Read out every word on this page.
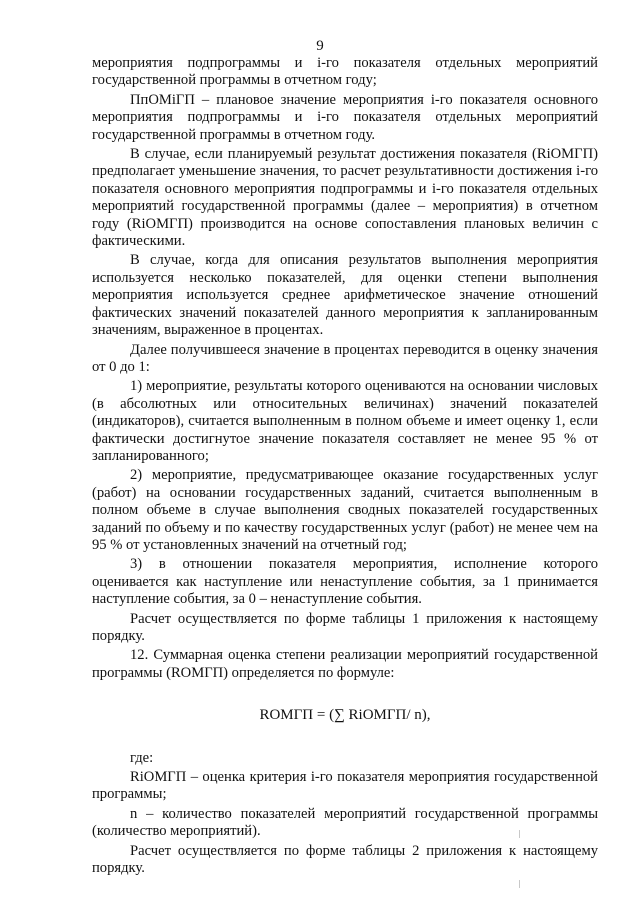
9

мероприятия подпрограммы и i-го показателя отдельных мероприятий государственной программы в отчетном году;

ПпОМiГП – плановое значение мероприятия i-го показателя основного мероприятия подпрограммы и i-го показателя отдельных мероприятий государственной программы в отчетном году.

В случае, если планируемый результат достижения показателя (RiОМГП) предполагает уменьшение значения, то расчет результативности достижения i-го показателя основного мероприятия подпрограммы и i-го показателя отдельных мероприятий государственной программы (далее – мероприятия) в отчетном году (RiОМГП) производится на основе сопоставления плановых величин с фактическими.

В случае, когда для описания результатов выполнения мероприятия используется несколько показателей, для оценки степени выполнения мероприятия используется среднее арифметическое значение отношений фактических значений показателей данного мероприятия к запланированным значениям, выраженное в процентах.

Далее получившееся значение в процентах переводится в оценку значения от 0 до 1:

1) мероприятие, результаты которого оцениваются на основании числовых (в абсолютных или относительных величинах) значений показателей (индикаторов), считается выполненным в полном объеме и имеет оценку 1, если фактически достигнутое значение показателя составляет не менее 95 % от запланированного;

2) мероприятие, предусматривающее оказание государственных услуг (работ) на основании государственных заданий, считается выполненным в полном объеме в случае выполнения сводных показателей государственных заданий по объему и по качеству государственных услуг (работ) не менее чем на 95 % от установленных значений на отчетный год;

3) в отношении показателя мероприятия, исполнение которого оценивается как наступление или ненаступление события, за 1 принимается наступление события, за 0 – ненаступление события.

Расчет осуществляется по форме таблицы 1 приложения к настоящему порядку.

12. Суммарная оценка степени реализации мероприятий государственной программы (RОМГП) определяется по формуле:

RОМГП = (∑ RiОМГП/ n),

где:

RiОМГП – оценка критерия i-го показателя мероприятия государственной программы;

n – количество показателей мероприятий государственной программы (количество мероприятий).

Расчет осуществляется по форме таблицы 2 приложения к настоящему порядку.
